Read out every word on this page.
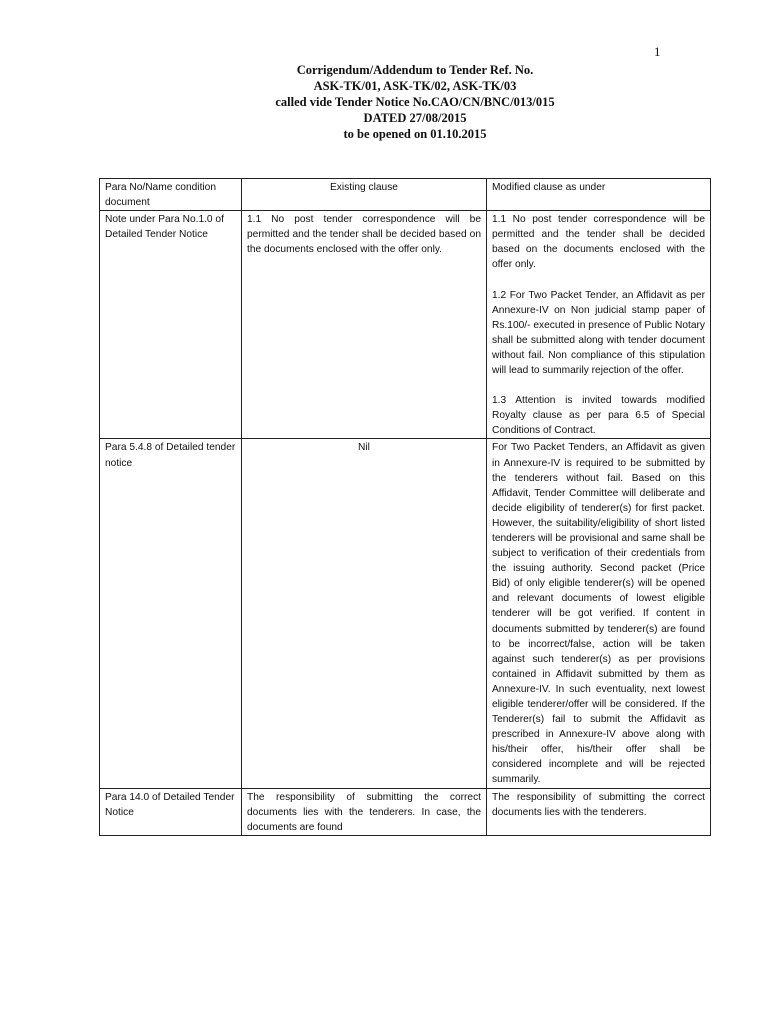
1
Corrigendum/Addendum to Tender Ref. No.
ASK-TK/01, ASK-TK/02, ASK-TK/03
called vide Tender Notice No.CAO/CN/BNC/013/015
DATED 27/08/2015
to be opened on 01.10.2015
Para No/Name condition document	Existing clause	Modified clause as under
Note under Para No.1.0 of Detailed Tender Notice	1.1 No post tender correspondence will be permitted and the tender shall be decided based on the documents enclosed with the offer only.	1.1 No post tender correspondence will be permitted and the tender shall be decided based on the documents enclosed with the offer only.

1.2 For Two Packet Tender, an Affidavit as per Annexure-IV on Non judicial stamp paper of Rs.100/- executed in presence of Public Notary shall be submitted along with tender document without fail. Non compliance of this stipulation will lead to summarily rejection of the offer.

1.3 Attention is invited towards modified Royalty clause as per para 6.5 of Special Conditions of Contract.

Para 5.4.8 of Detailed tender notice	Nil	For Two Packet Tenders, an Affidavit as given in Annexure-IV is required to be submitted by the tenderers without fail. Based on this Affidavit, Tender Committee will deliberate and decide eligibility of tenderer(s) for first packet. However, the suitability/eligibility of short listed tenderers will be provisional and same shall be subject to verification of their credentials from the issuing authority. Second packet (Price Bid) of only eligible tenderer(s) will be opened and relevant documents of lowest eligible tenderer will be got verified. If content in documents submitted by tenderer(s) are found to be incorrect/false, action will be taken against such tenderer(s) as per provisions contained in Affidavit submitted by them as Annexure-IV. In such eventuality, next lowest eligible tenderer/offer will be considered. If the Tenderer(s) fail to submit the Affidavit as prescribed in Annexure-IV above along with his/their offer, his/their offer shall be considered incomplete and will be rejected summarily.
Para 14.0 of Detailed Tender Notice	The responsibility of submitting the correct documents lies with the tenderers. In case, the documents are found	The responsibility of submitting the correct documents lies with the tenderers.
